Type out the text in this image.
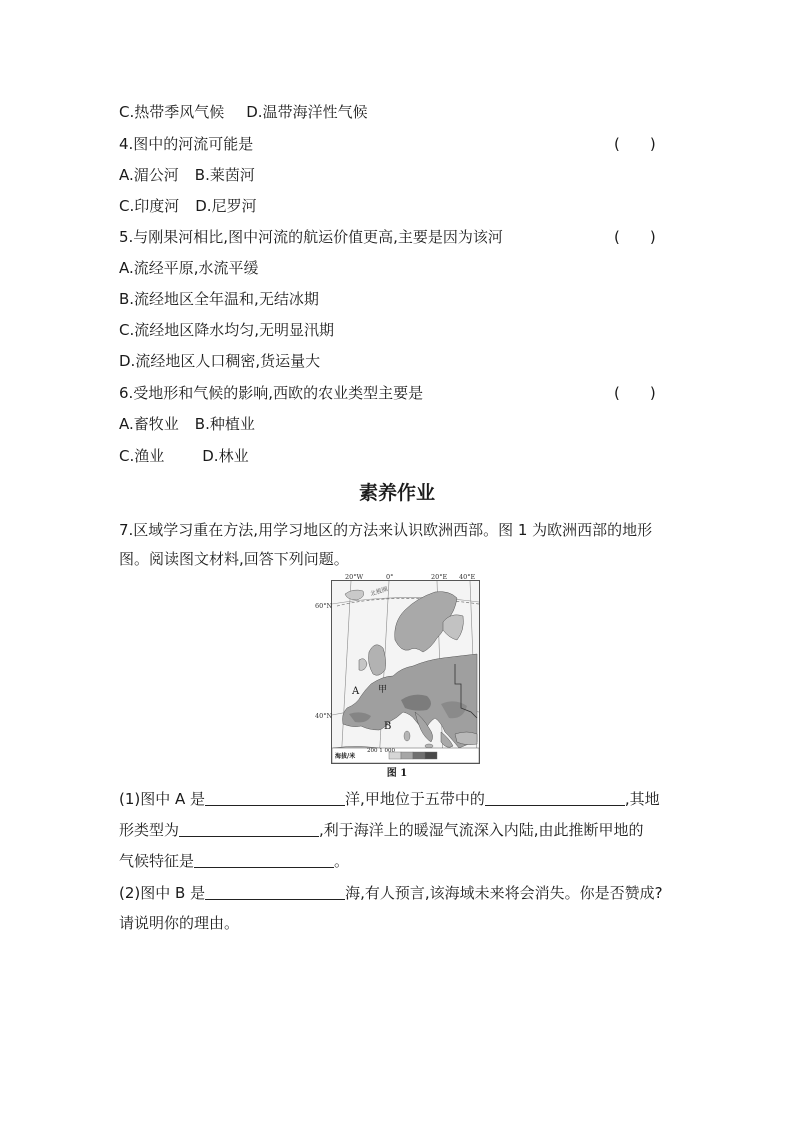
C.热带季风气候 D.温带海洋性气候
4.图中的河流可能是	(　　)
A.湄公河 B.莱茵河
C.印度河 D.尼罗河
5.与刚果河相比,图中河流的航运价值更高,主要是因为该河	(　　)
A.流经平原,水流平缓
B.流经地区全年温和,无结冰期
C.流经地区降水均匀,无明显汛期
D.流经地区人口稠密,货运量大
6.受地形和气候的影响,西欧的农业类型主要是	(　　)
A.畜牧业 B.种植业
C.渔业	D.林业
素养作业
7.区域学习重在方法,用学习地区的方法来认识欧洲西部。图 1 为欧洲西部的地形
图。阅读图文材料,回答下列问题。
20°W	0°	20°E 40°E
60°N
40°N
北极圈
A 甲
B
海拔/米
200 1 000
图 1
(1)图中 A 是	洋,甲地位于五带中的	,其地
形类型为	,利于海洋上的暖湿气流深入内陆,由此推断甲地的
气候特征是	。
(2)图中 B 是	海,有人预言,该海域未来将会消失。你是否赞成?
请说明你的理由。
